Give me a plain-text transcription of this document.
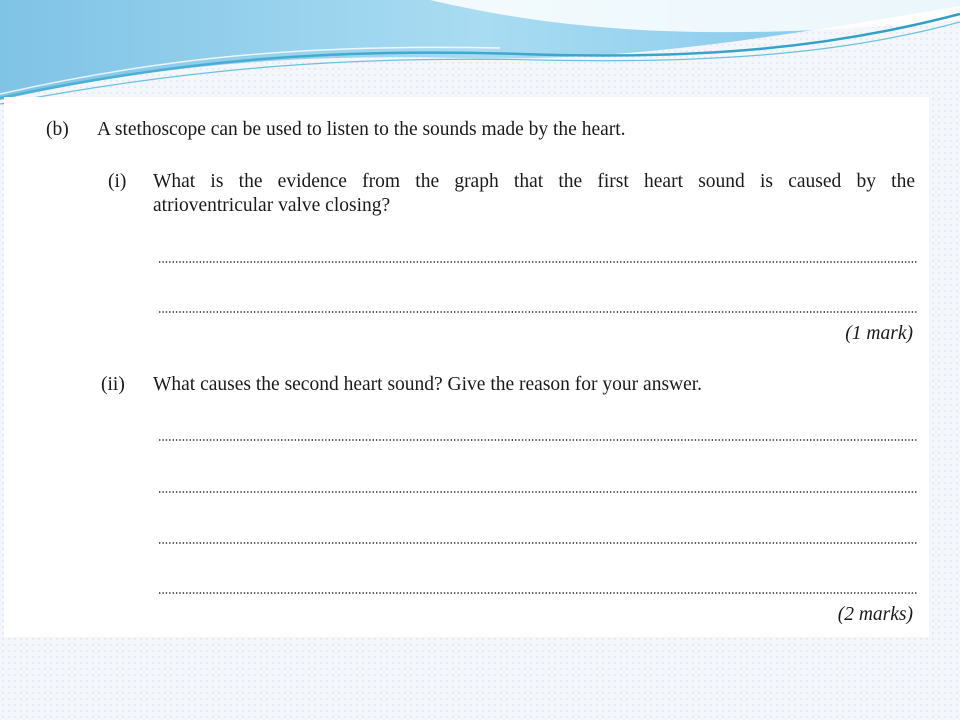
(b) A stethoscope can be used to listen to the sounds made by the heart.
(i) What is the evidence from the graph that the first heart sound is caused by the
atrioventricular valve closing?
(1 mark)
(ii) What causes the second heart sound? Give the reason for your answer.
(2 marks)
